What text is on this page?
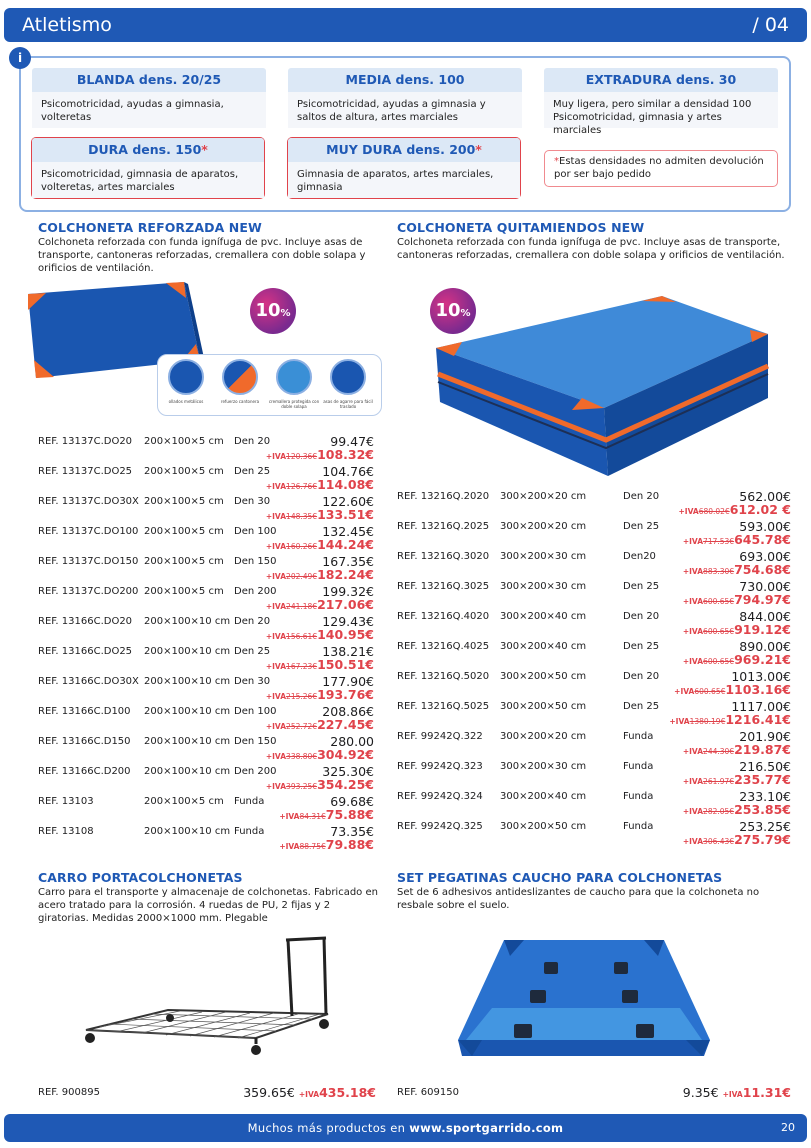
Atletismo	/ 04
i
BLANDA dens. 20/25
Psicomotricidad, ayudas a gimnasia, volteretas
MEDIA dens. 100
Psicomotricidad, ayudas a gimnasia y saltos de altura, artes marciales
EXTRADURA dens. 30
Muy ligera, pero similar a densidad 100 Psicomotricidad, gimnasia y artes marciales
DURA dens. 150*
Psicomotricidad, gimnasia de aparatos, volteretas, artes marciales
MUY DURA dens. 200*
Gimnasia de aparatos, artes marciales, gimnasia
*Estas densidades no admiten devolución por ser bajo pedido
COLCHONETA REFORZADA NEW
Colchoneta reforzada con funda ignífuga de pvc. Incluye asas de transporte, cantoneras reforzadas, cremallera con doble solapa y orificios de ventilación.
10%
ollados metálicos	refuerzo cantonera	cremallera protegida con doble solapa
asas de agarre para fácil traslado
REF. 13137C.DO20 200×100×5 cm Den 20	99.47€
+IVA120.36€108.32€
REF. 13137C.DO25 200×100×5 cm Den 25	104.76€
+IVA126.76€114.08€
REF. 13137C.DO30X 200×100×5 cm Den 30	122.60€
+IVA148.35€133.51€
REF. 13137C.DO100 200×100×5 cm Den 100	132.45€
+IVA160.26€144.24€
REF. 13137C.DO150 200×100×5 cm Den 150	167.35€
+IVA202.49€182.24€
REF. 13137C.DO200 200×100×5 cm Den 200	199.32€
+IVA241.18€217.06€
REF. 13166C.DO20 200×100×10 cm Den 20	129.43€
+IVA156.61€140.95€
REF. 13166C.DO25 200×100×10 cm Den 25	138.21€
+IVA167.23€150.51€
REF. 13166C.DO30X 200×100×10 cm Den 30	177.90€
+IVA215.26€193.76€
REF. 13166C.D100 200×100×10 cm Den 100	208.86€
+IVA252.72€227.45€
REF. 13166C.D150 200×100×10 cm Den 150	280.00
+IVA338.80€304.92€
REF. 13166C.D200 200×100×10 cm Den 200	325.30€
+IVA393.25€354.25€
REF. 13103	200×100×5 cm Funda	69.68€
+IVA84.31€75.88€
REF. 13108	200×100×10 cm Funda	73.35€
+IVA88.75€79.88€
COLCHONETA QUITAMIENDOS NEW
Colchoneta reforzada con funda ignífuga de pvc. Incluye asas de transporte, cantoneras reforzadas, cremallera con doble solapa y orificios de ventilación.
10%
REF. 13216Q.2020 300×200×20 cm	Den 20	562.00€
+IVA680.02€612.02 €
REF. 13216Q.2025 300×200×20 cm	Den 25	593.00€
+IVA717.53€645.78€
REF. 13216Q.3020 300×200×30 cm	Den20	693.00€
+IVA883.30€754.68€
REF. 13216Q.3025 300×200×30 cm	Den 25	730.00€
+IVA600.65€794.97€
REF. 13216Q.4020 300×200×40 cm	Den 20	844.00€
+IVA600.65€919.12€
REF. 13216Q.4025 300×200×40 cm	Den 25	890.00€
+IVA600.65€969.21€
REF. 13216Q.5020 300×200×50 cm	Den 20	1013.00€
+IVA600.65€1103.16€
REF. 13216Q.5025 300×200×50 cm	Den 25	1117.00€
+IVA1380.19€1216.41€
REF. 99242Q.322 300×200×20 cm	Funda	201.90€
+IVA244.30€219.87€
REF. 99242Q.323 300×200×30 cm	Funda	216.50€
+IVA261.97€235.77€
REF. 99242Q.324 300×200×40 cm	Funda	233.10€
+IVA282.05€253.85€
REF. 99242Q.325 300×200×50 cm	Funda	253.25€
+IVA306.43€275.79€
CARRO PORTACOLCHONETAS
Carro para el transporte y almacenaje de colchonetas. Fabricado en acero tratado para la corrosión. 4 ruedas de PU, 2 fijas y 2 giratorias. Medidas 2000×1000 mm. Plegable
REF. 900895	359.65€ +IVA435.18€
SET PEGATINAS CAUCHO PARA COLCHONETAS
Set de 6 adhesivos antideslizantes de caucho para que la colchoneta no resbale sobre el suelo.
REF. 609150	9.35€ +IVA11.31€
Muchos más productos en www.sportgarrido.com	20
